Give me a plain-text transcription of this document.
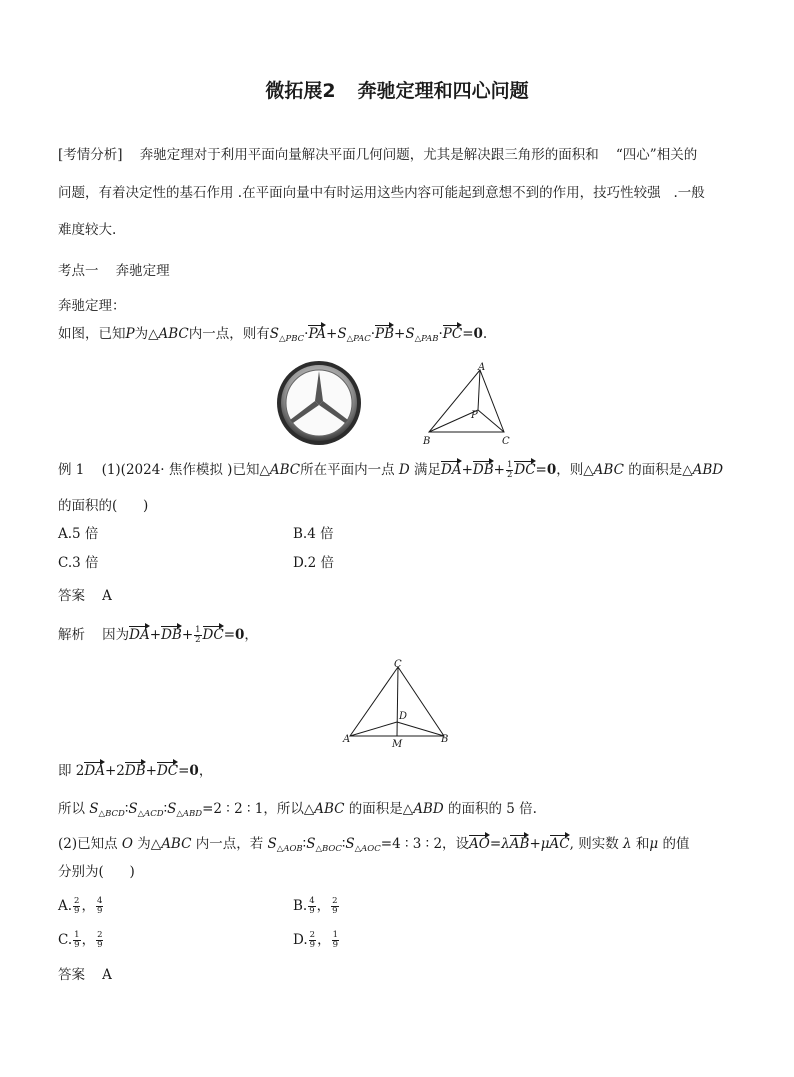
微拓展2 奔驰定理和四心问题
[考情分析] 奔驰定理对于利用平面向量解决平面几何问题，尤其是解决跟三角形的面积和 “四心”相关的
问题，有着决定性的基石作用 .在平面向量中有时运用这些内容可能起到意想不到的作用，技巧性较强 .一般
难度较大.
考点一 奔驰定理
奔驰定理：
如图，已知P为△ABC内一点，则有$S_{\triangle PBC}\cdot PA+S_{\triangle PAC}\cdot PB+S_{\triangle PAB}\cdot PC=0$.
A
B	C
P
例 1 (1)(2024· 焦作模拟 )已知△ABC所在平面内一点 D 满足$DA+DB+ \frac{1}{2} DC=0$，则△ABC 的面积是△ABD
的面积的( )
A.5 倍	B.4 倍
C.3 倍	D.2 倍
答案 A
解析 因为$DA+DB+ \frac{1}{2} DC=0$，
C
A	B
D
M
即 2DA+2DB+DC=0，
所以 $S_{\triangle BCD}∶S_{\triangle ACD}∶S_{\triangle ABD}=2$ ∶ 2 ∶ 1，所以△ABC 的面积是△ABD 的面积的 5 倍.
(2)已知点 O 为△ABC 内一点，若 $S_{\triangle AOB}∶S_{\triangle BOC}∶S_{\triangle AOC}=4$ ∶ 3 ∶ 2，设AO=λAB+μAC, 则实数 λ 和μ 的值
分别为( )
A. $\frac{2}{9}$ ， $\frac{4}{9}$	B. $\frac{4}{9}$ ， $\frac{2}{9}$
C. $\frac{1}{9}$ ， $\frac{2}{9}$	D. $\frac{2}{9}$ ， $\frac{1}{9}$
答案 A
